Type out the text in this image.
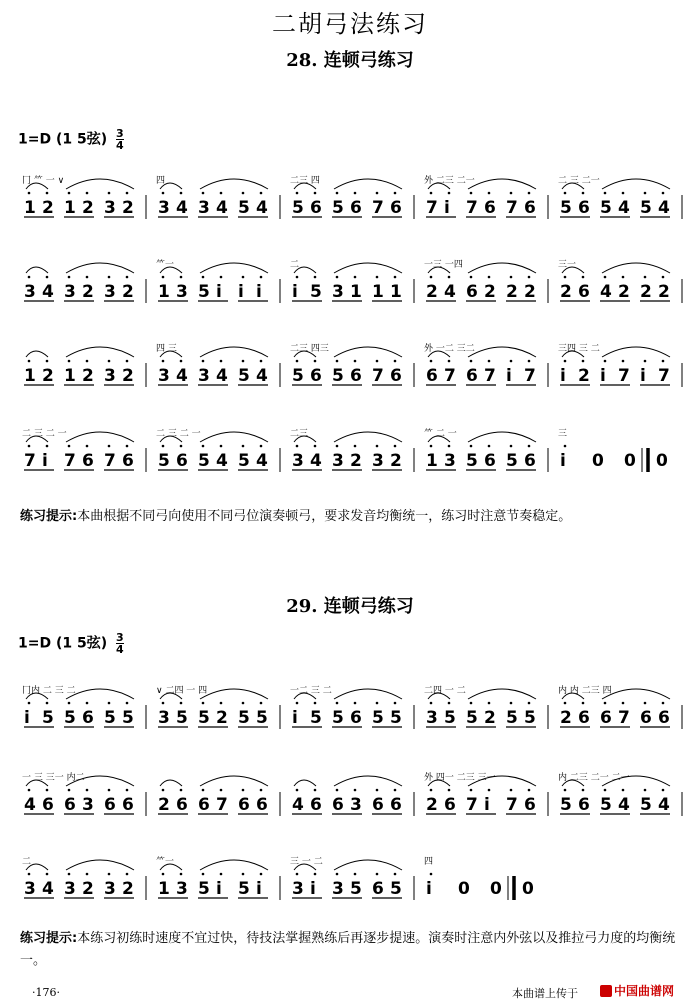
二胡弓法练习
28. 连顿弓练习
1=D (1 5弦) $\frac{3}{4}$
29. 连顿弓练习
1=D (1 5弦) $\frac{3}{4}$
冂 ⺮ 一 ∨
1 2 1 2 3 2
四
3 4 3 4 5 4
二三 四
5 6 5 6 7 6
外 二三 二一
7 i 7 6 7 6
二 三 二一
5 6 5 4 5 4
3 4 3 2 3 2
⺮一
1 3 5 i i i
二
i 5 3 1 1 1
一三 一四
2 4 6 2 2 2
三一
2 6 4 2 2 2
1 2 1 2 3 2
四 三
3 4 3 4 5 4
二三 四三
5 6 5 6 7 6
外 一二 三二
6 7 6 7 i 7
三四 三 二
i 2 i 7 i 7
二 三 二 一
7 i 7 6 7 6
二 三 二 一
5 6 5 4 5 4
二三
3 4 3 2 3 2
⺮ 二 一
1 3 5 6 5 6
三
i 0 0 0
冂内 二 三 二
i 5 5 6 5 5
∨ 二四 一 四
3 5 5 2 5 5
一二 三 二
i 5 5 6 5 5
二四 一 二
3 5 5 2 5 5
内 内 二三 四
2 6 6 7 6 6
一 三 三一 内二
4 6 6 3 6 6 2 6 6 7 6 6 4 6 6 3 6 6
外 四一 二三 三一
2 6 7 i 7 6
内 二三 二一 二一
5 6 5 4 5 4
二
3 4 3 2 3 2
⺮一
1 3 5 i 5 i
三 一 二
3 i 3 5 6 5
四
i 0 0 0
练习提示:本曲根据不同弓向使用不同弓位演奏顿弓，要求发音均衡统一，练习时注意节奏稳定。
练习提示:本练习初练时速度不宜过快，待技法掌握熟练后再逐步提速。演奏时注意内外弦以及推拉弓力度的均衡统一。
·176·	本曲谱上传于	中国曲谱网
